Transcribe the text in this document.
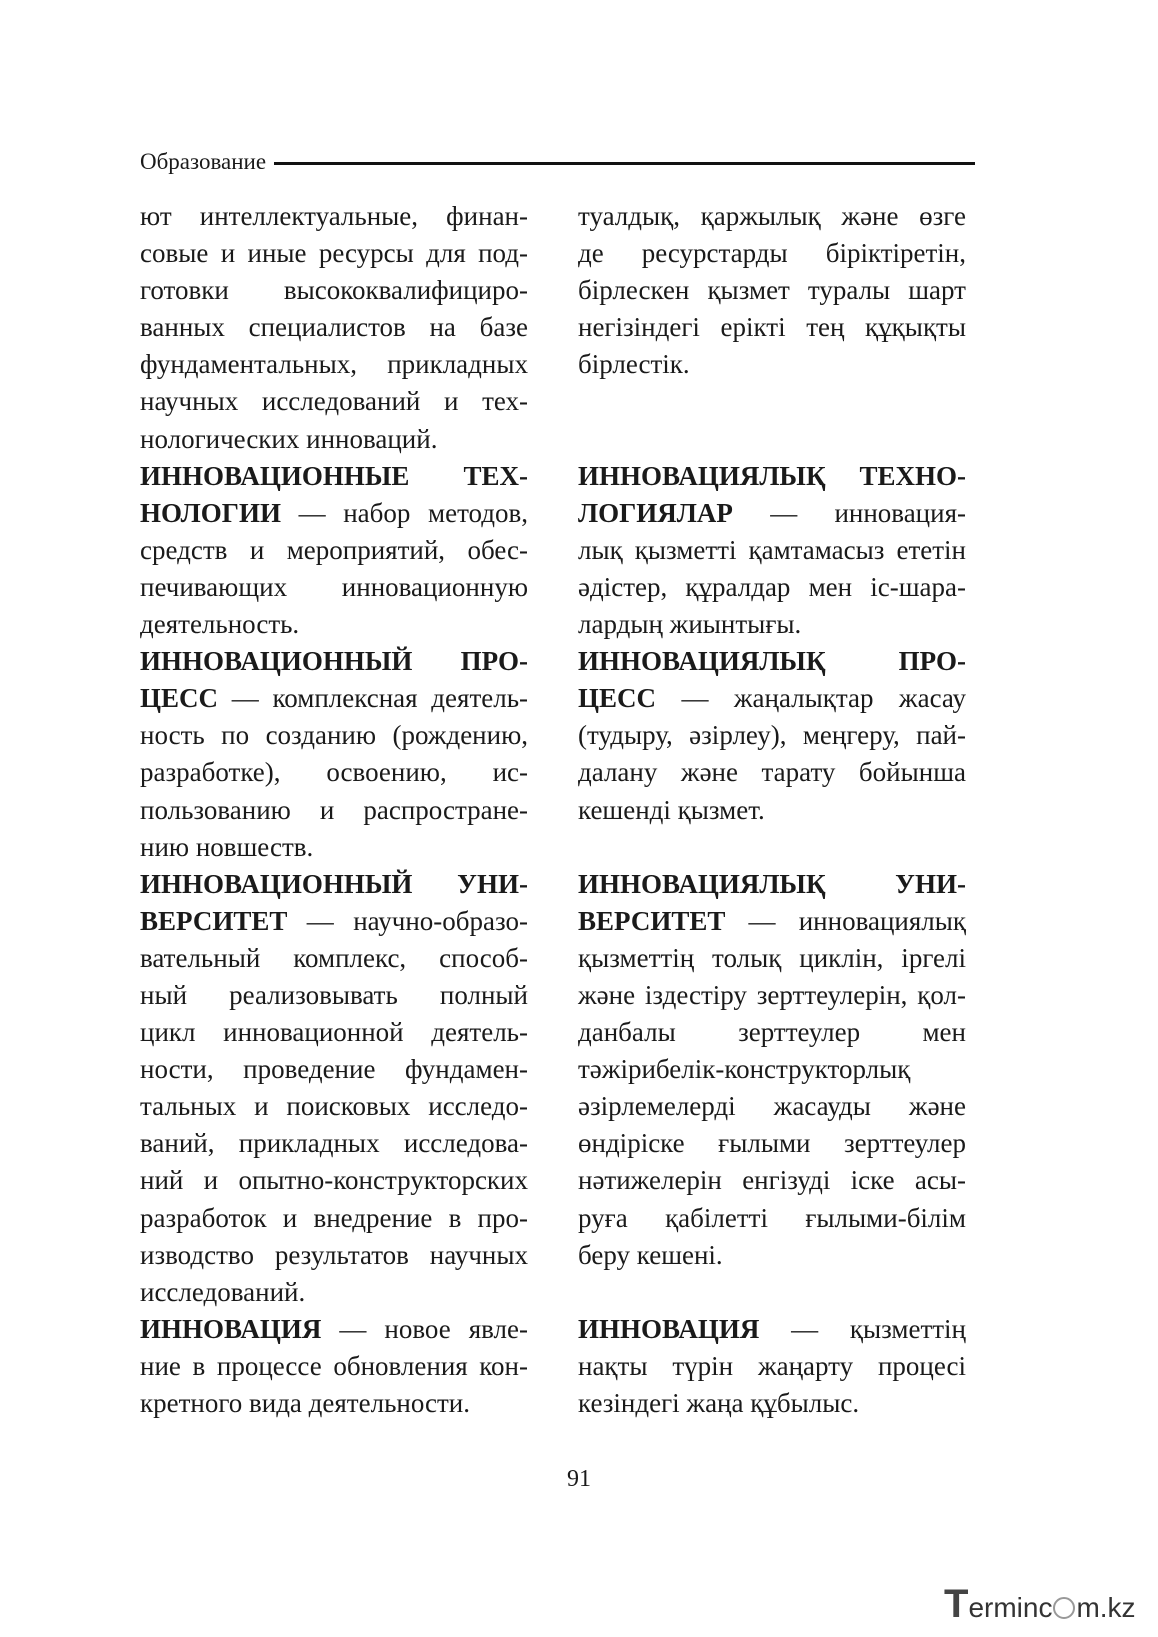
Образование
ют интеллектуальные, финан-
совые и иные ресурсы для под-
готовки высококвалифициро-
ванных специалистов на базе
фундаментальных, прикладных
научных исследований и тех-
нологических инноваций.
ИННОВАЦИОННЫЕ ТЕХ-
НОЛОГИИ — набор методов,
средств и мероприятий, обес-
печивающих инновационную
деятельность.
ИННОВАЦИОННЫЙ ПРО-
ЦЕСС — комплексная деятель-
ность по созданию (рождению,
разработке), освоению, ис-
пользованию и распростране-
нию новшеств.
ИННОВАЦИОННЫЙ УНИ-
ВЕРСИТЕТ — научно-образо-
вательный комплекс, способ-
ный реализовывать полный
цикл инновационной деятель-
ности, проведение фундамен-
тальных и поисковых исследо-
ваний, прикладных исследова-
ний и опытно-конструкторских
разработок и внедрение в про-
изводство результатов научных
исследований.
ИННОВАЦИЯ — новое явле-
ние в процессе обновления кон-
кретного вида деятельности.
туалдық, қаржылық және өзге
де ресурстарды біріктіретін,
бірлескен қызмет туралы шарт
негізіндегі ерікті тең құқықты
бірлестік.
ИННОВАЦИЯЛЫҚ ТЕХНО-
ЛОГИЯЛАР — инновация-
лық қызметті қамтамасыз ететін
әдістер, құралдар мен іс-шара-
лардың жиынтығы.
ИННОВАЦИЯЛЫҚ ПРО-
ЦЕСС — жаңалықтар жасау
(тудыру, әзірлеу), меңгеру, пай-
далану және тарату бойынша
кешенді қызмет.
ИННОВАЦИЯЛЫҚ УНИ-
ВЕРСИТЕТ — инновациялық
қызметтің толық циклін, іргелі
және іздестіру зерттеулерін, қол-
данбалы зерттеулер мен
тәжірибелік-конструкторлық
әзірлемелерді жасауды және
өндіріске ғылыми зерттеулер
нәтижелерін енгізуді іске асы-
руға қабілетті ғылыми-білім
беру кешені.
ИННОВАЦИЯ — қызметтің
нақты түрін жаңарту процесі
кезіндегі жаңа құбылыс.
91
Terminc m.kz
